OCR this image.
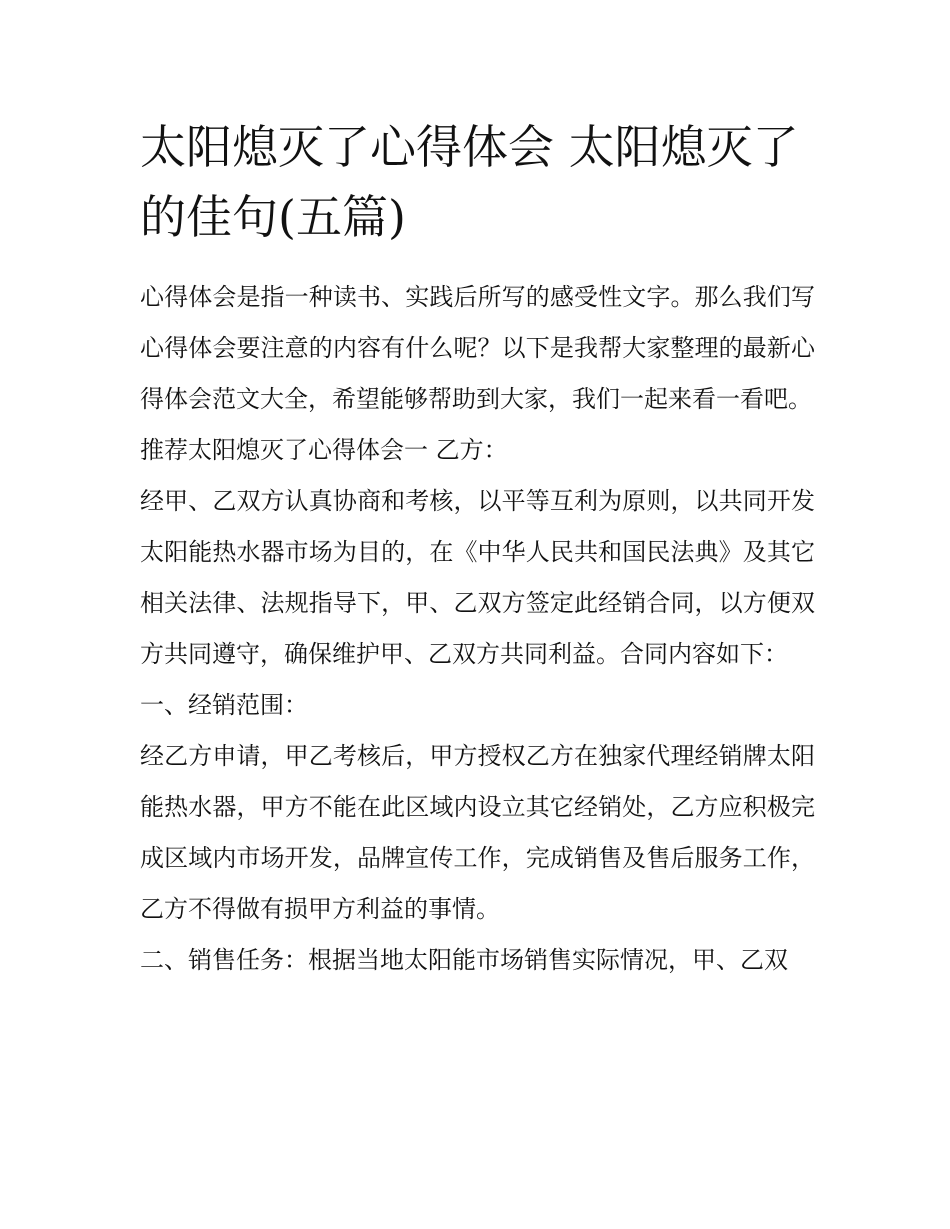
太阳熄灭了心得体会 太阳熄灭了的佳句(五篇)

心得体会是指一种读书、实践后所写的感受性文字。那么我们写心得体会要注意的内容有什么呢？以下是我帮大家整理的最新心得体会范文大全，希望能够帮助到大家，我们一起来看一看吧。

推荐太阳熄灭了心得体会一 乙方：

经甲、乙双方认真协商和考核，以平等互利为原则，以共同开发太阳能热水器市场为目的，在《中华人民共和国民法典》及其它相关法律、法规指导下，甲、乙双方签定此经销合同，以方便双方共同遵守，确保维护甲、乙双方共同利益。合同内容如下：

一、经销范围：

经乙方申请，甲乙考核后，甲方授权乙方在独家代理经销牌太阳能热水器，甲方不能在此区域内设立其它经销处，乙方应积极完成区域内市场开发，品牌宣传工作，完成销售及售后服务工作，乙方不得做有损甲方利益的事情。

二、销售任务：根据当地太阳能市场销售实际情况，甲、乙双
